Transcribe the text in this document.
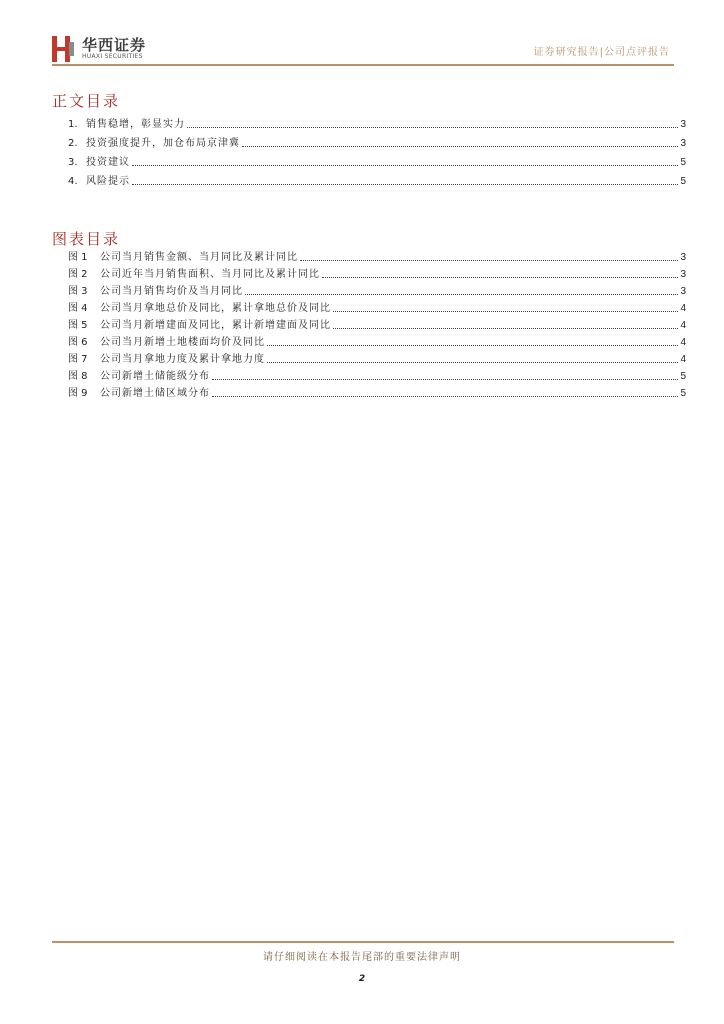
华西证券
HUAXI SECURITIES	证券研究报告|公司点评报告
正文目录
1. 销售稳增，彰显实力	3
2. 投资强度提升，加仓布局京津冀	3
3. 投资建议	5
4. 风险提示	5
图表目录
图 1	公司当月销售金额、当月同比及累计同比	3
图 2	公司近年当月销售面积、当月同比及累计同比	3
图 3	公司当月销售均价及当月同比	3
图 4	公司当月拿地总价及同比，累计拿地总价及同比	4
图 5	公司当月新增建面及同比，累计新增建面及同比	4
图 6	公司当月新增土地楼面均价及同比	4
图 7	公司当月拿地力度及累计拿地力度	4
图 8	公司新增土储能级分布	5
图 9	公司新增土储区域分布	5
请仔细阅读在本报告尾部的重要法律声明
2
